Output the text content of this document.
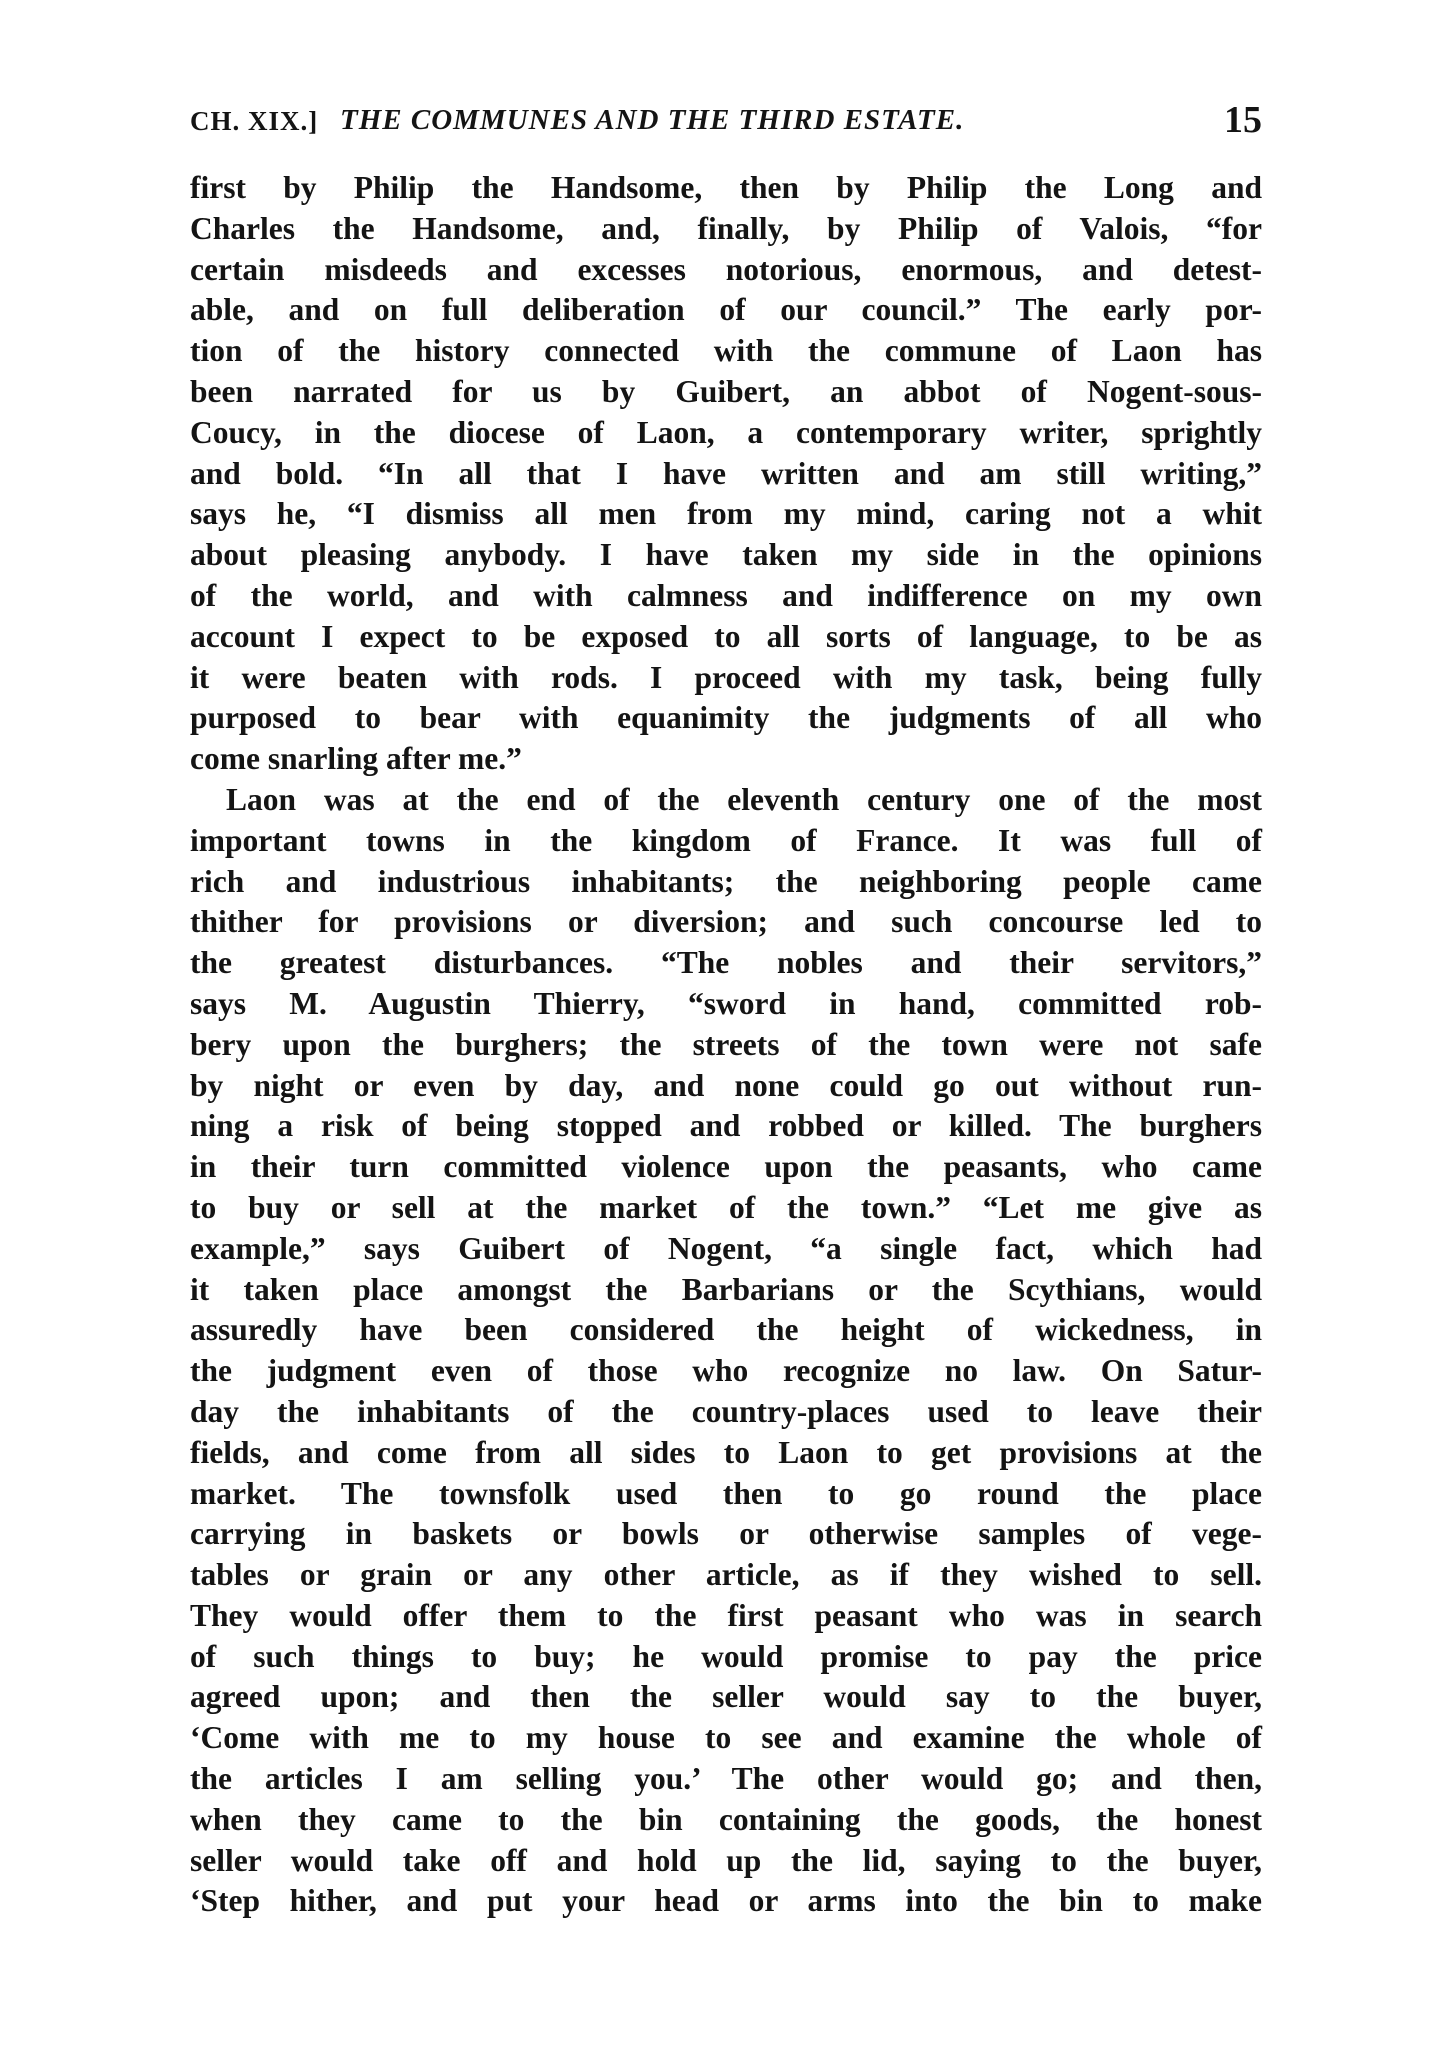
CH. XIX.] THE COMMUNES AND THE THIRD ESTATE.	15
first by Philip the Handsome, then by Philip the Long and
Charles the Handsome, and, finally, by Philip of Valois, “for
certain misdeeds and excesses notorious, enormous, and detest-
able, and on full deliberation of our council.” The early por-
tion of the history connected with the commune of Laon has
been narrated for us by Guibert, an abbot of Nogent-sous-
Coucy, in the diocese of Laon, a contemporary writer, sprightly
and bold. “In all that I have written and am still writing,”
says he, “I dismiss all men from my mind, caring not a whit
about pleasing anybody. I have taken my side in the opinions
of the world, and with calmness and indifference on my own
account I expect to be exposed to all sorts of language, to be as
it were beaten with rods. I proceed with my task, being fully
purposed to bear with equanimity the judgments of all who
come snarling after me.”
Laon was at the end of the eleventh century one of the most
important towns in the kingdom of France. It was full of
rich and industrious inhabitants; the neighboring people came
thither for provisions or diversion; and such concourse led to
the greatest disturbances. “The nobles and their servitors,”
says M. Augustin Thierry, “sword in hand, committed rob-
bery upon the burghers; the streets of the town were not safe
by night or even by day, and none could go out without run-
ning a risk of being stopped and robbed or killed. The burghers
in their turn committed violence upon the peasants, who came
to buy or sell at the market of the town.” “Let me give as
example,” says Guibert of Nogent, “a single fact, which had
it taken place amongst the Barbarians or the Scythians, would
assuredly have been considered the height of wickedness, in
the judgment even of those who recognize no law. On Satur-
day the inhabitants of the country-places used to leave their
fields, and come from all sides to Laon to get provisions at the
market. The townsfolk used then to go round the place
carrying in baskets or bowls or otherwise samples of vege-
tables or grain or any other article, as if they wished to sell.
They would offer them to the first peasant who was in search
of such things to buy; he would promise to pay the price
agreed upon; and then the seller would say to the buyer,
‘Come with me to my house to see and examine the whole of
the articles I am selling you.’ The other would go; and then,
when they came to the bin containing the goods, the honest
seller would take off and hold up the lid, saying to the buyer,
‘Step hither, and put your head or arms into the bin to make
